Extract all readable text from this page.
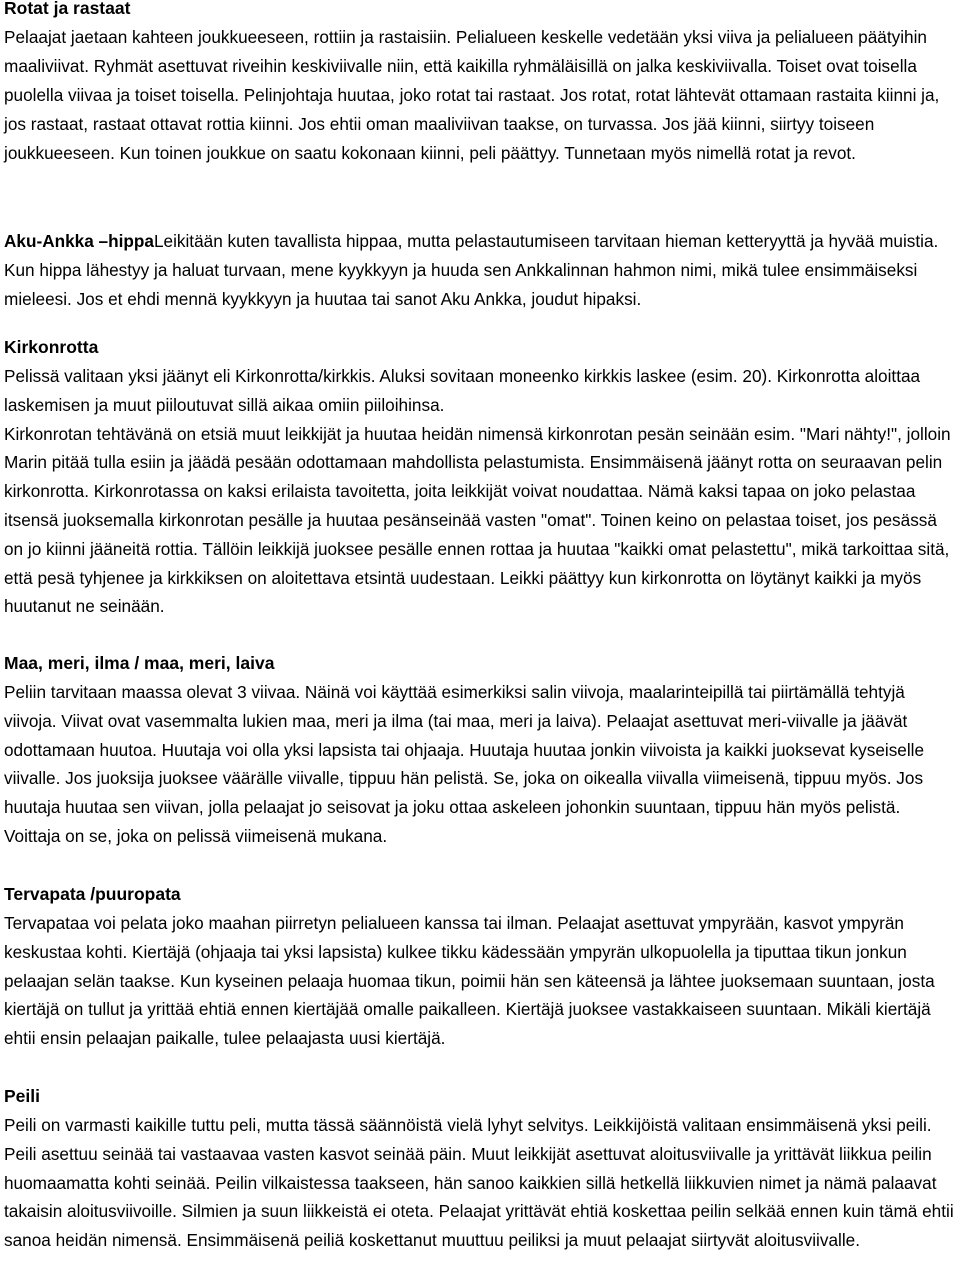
Rotat ja rastaat

Pelaajat jaetaan kahteen joukkueeseen, rottiin ja rastaisiin. Pelialueen keskelle vedetään yksi viiva ja pelialueen päätyihin maaliviivat. Ryhmät asettuvat riveihin keskiviivalle niin, että kaikilla ryhmäläisillä on jalka keskiviivalla. Toiset ovat toisella puolella viivaa ja toiset toisella. Pelinjohtaja huutaa, joko rotat tai rastaat. Jos rotat, rotat lähtevät ottamaan rastaita kiinni ja, jos rastaat, rastaat ottavat rottia kiinni. Jos ehtii oman maaliviivan taakse, on turvassa. Jos jää kiinni, siirtyy toiseen joukkueeseen. Kun toinen joukkue on saatu kokonaan kiinni, peli päättyy. Tunnetaan myös nimellä rotat ja revot.

Aku-Ankka –hippaLeikitään kuten tavallista hippaa, mutta pelastautumiseen tarvitaan hieman ketteryyttä ja hyvää muistia. Kun hippa lähestyy ja haluat turvaan, mene kyykkyyn ja huuda sen Ankkalinnan hahmon nimi, mikä tulee ensimmäiseksi mieleesi. Jos et ehdi mennä kyykkyyn ja huutaa tai sanot Aku Ankka, joudut hipaksi.

Kirkonrotta

Pelissä valitaan yksi jäänyt eli Kirkonrotta/kirkkis. Aluksi sovitaan moneenko kirkkis laskee (esim. 20). Kirkonrotta aloittaa laskemisen ja muut piiloutuvat sillä aikaa omiin piiloihinsa.

Kirkonrotan tehtävänä on etsiä muut leikkijät ja huutaa heidän nimensä kirkonrotan pesän seinään esim. "Mari nähty!", jolloin Marin pitää tulla esiin ja jäädä pesään odottamaan mahdollista pelastumista. Ensimmäisenä jäänyt rotta on seuraavan pelin kirkonrotta. Kirkonrotassa on kaksi erilaista tavoitetta, joita leikkijät voivat noudattaa. Nämä kaksi tapaa on joko pelastaa itsensä juoksemalla kirkonrotan pesälle ja huutaa pesänseinää vasten "omat". Toinen keino on pelastaa toiset, jos pesässä on jo kiinni jääneitä rottia. Tällöin leikkijä juoksee pesälle ennen rottaa ja huutaa "kaikki omat pelastettu", mikä tarkoittaa sitä, että pesä tyhjenee ja kirkkiksen on aloitettava etsintä uudestaan. Leikki päättyy kun kirkonrotta on löytänyt kaikki ja myös huutanut ne seinään.

Maa, meri, ilma / maa, meri, laiva

Peliin tarvitaan maassa olevat 3 viivaa. Näinä voi käyttää esimerkiksi salin viivoja, maalarinteipillä tai piirtämällä tehtyjä viivoja. Viivat ovat vasemmalta lukien maa, meri ja ilma (tai maa, meri ja laiva). Pelaajat asettuvat meri-viivalle ja jäävät odottamaan huutoa. Huutaja voi olla yksi lapsista tai ohjaaja. Huutaja huutaa jonkin viivoista ja kaikki juoksevat kyseiselle viivalle. Jos juoksija juoksee väärälle viivalle, tippuu hän pelistä. Se, joka on oikealla viivalla viimeisenä, tippuu myös. Jos huutaja huutaa sen viivan, jolla pelaajat jo seisovat ja joku ottaa askeleen johonkin suuntaan, tippuu hän myös pelistä. Voittaja on se, joka on pelissä viimeisenä mukana.

Tervapata /puuropata

Tervapataa voi pelata joko maahan piirretyn pelialueen kanssa tai ilman. Pelaajat asettuvat ympyrään, kasvot ympyrän keskustaa kohti. Kiertäjä (ohjaaja tai yksi lapsista) kulkee tikku kädessään ympyrän ulkopuolella ja tiputtaa tikun jonkun pelaajan selän taakse. Kun kyseinen pelaaja huomaa tikun, poimii hän sen käteensä ja lähtee juoksemaan suuntaan, josta kiertäjä on tullut ja yrittää ehtiä ennen kiertäjää omalle paikalleen. Kiertäjä juoksee vastakkaiseen suuntaan. Mikäli kiertäjä ehtii ensin pelaajan paikalle, tulee pelaajasta uusi kiertäjä.

Peili

Peili on varmasti kaikille tuttu peli, mutta tässä säännöistä vielä lyhyt selvitys. Leikkijöistä valitaan ensimmäisenä yksi peili. Peili asettuu seinää tai vastaavaa vasten kasvot seinää päin. Muut leikkijät asettuvat aloitusviivalle ja yrittävät liikkua peilin huomaamatta kohti seinää. Peilin vilkaistessa taakseen, hän sanoo kaikkien sillä hetkellä liikkuvien nimet ja nämä palaavat takaisin aloitusviivoille. Silmien ja suun liikkeistä ei oteta. Pelaajat yrittävät ehtiä koskettaa peilin selkää ennen kuin tämä ehtii sanoa heidän nimensä. Ensimmäisenä peiliä koskettanut muuttuu peiliksi ja muut pelaajat siirtyvät aloitusviivalle.
